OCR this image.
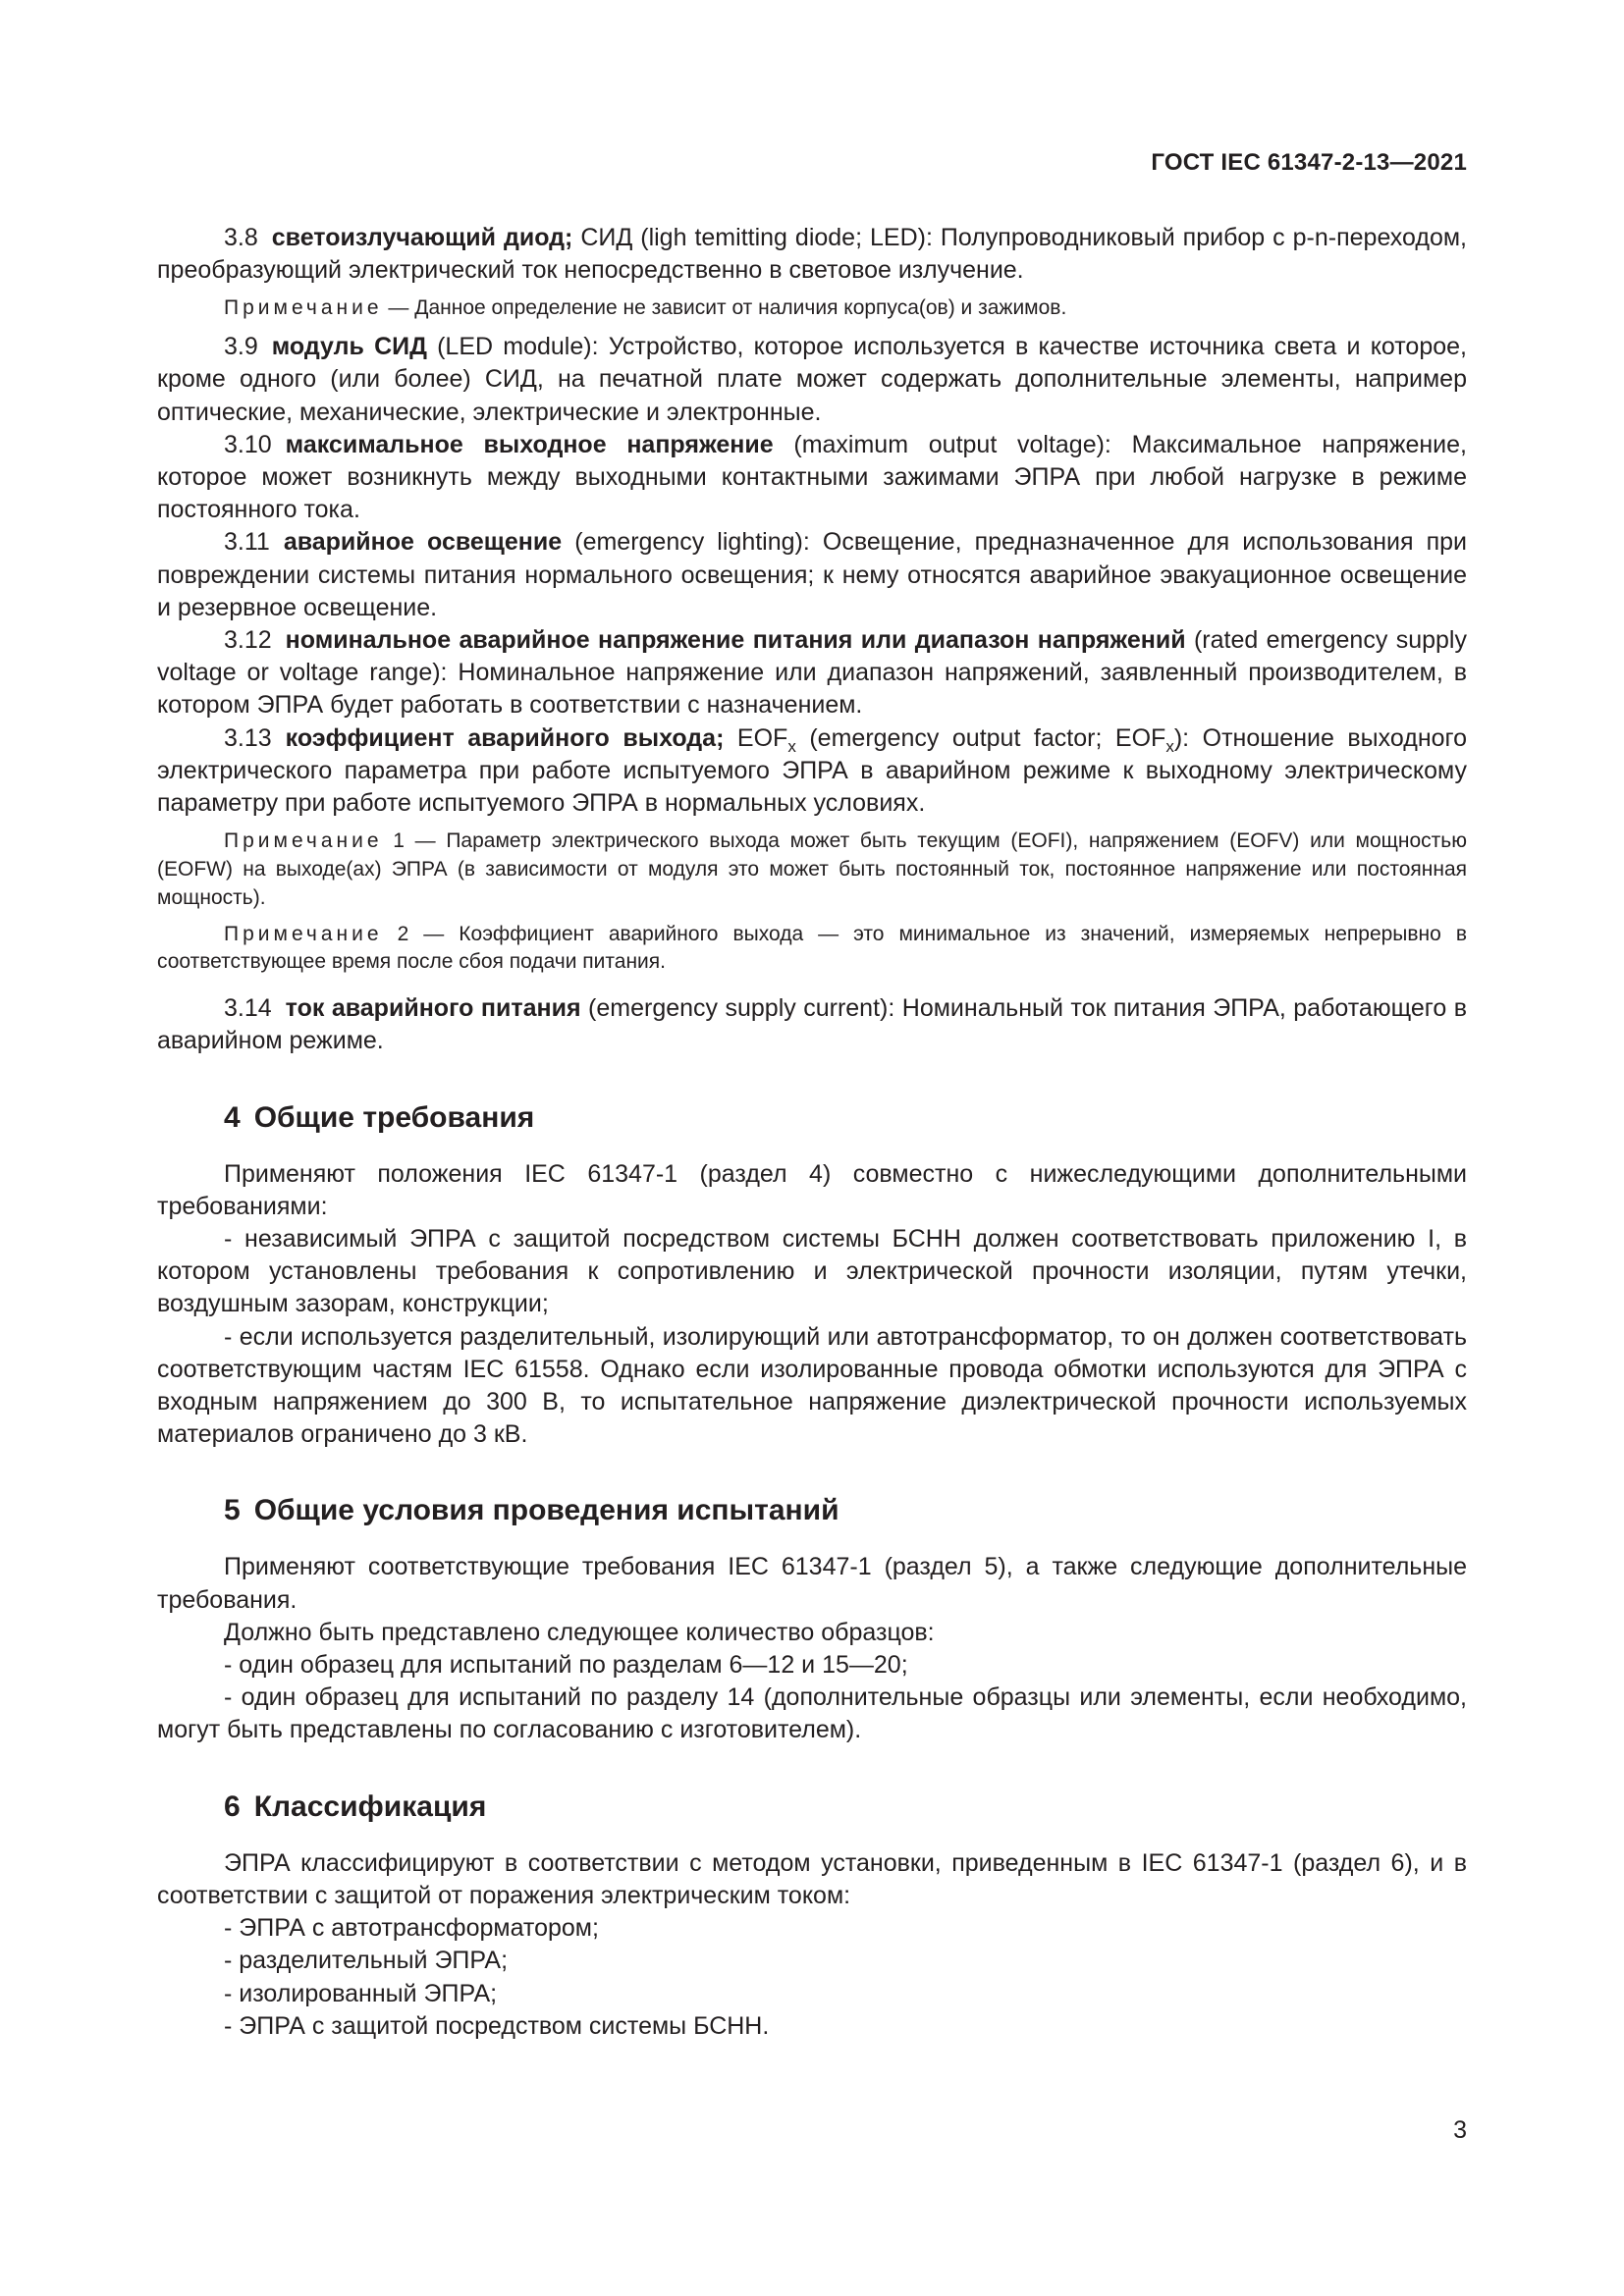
ГОСТ IEC 61347-2-13—2021

3.8 светоизлучающий диод; СИД (ligh temitting diode; LED): Полупроводниковый прибор с p-n-переходом, преобразующий электрический ток непосредственно в световое излучение.

Примечание — Данное определение не зависит от наличия корпуса(ов) и зажимов.

3.9 модуль СИД (LED module): Устройство, которое используется в качестве источника света и которое, кроме одного (или более) СИД, на печатной плате может содержать дополнительные элементы, например оптические, механические, электрические и электронные.

3.10 максимальное выходное напряжение (maximum output voltage): Максимальное напряжение, которое может возникнуть между выходными контактными зажимами ЭПРА при любой нагрузке в режиме постоянного тока.

3.11 аварийное освещение (emergency lighting): Освещение, предназначенное для использования при повреждении системы питания нормального освещения; к нему относятся аварийное эвакуационное освещение и резервное освещение.

3.12 номинальное аварийное напряжение питания или диапазон напряжений (rated emergency supply voltage or voltage range): Номинальное напряжение или диапазон напряжений, заявленный производителем, в котором ЭПРА будет работать в соответствии с назначением.

3.13 коэффициент аварийного выхода; $EOF_x$ (emergency output factor; $EOF_x$): Отношение выходного электрического параметра при работе испытуемого ЭПРА в аварийном режиме к выходному электрическому параметру при работе испытуемого ЭПРА в нормальных условиях.

Примечание 1 — Параметр электрического выхода может быть текущим (EOFI), напряжением (EOFV) или мощностью (EOFW) на выходе(ах) ЭПРА (в зависимости от модуля это может быть постоянный ток, постоянное напряжение или постоянная мощность).

Примечание 2 — Коэффициент аварийного выхода — это минимальное из значений, измеряемых непрерывно в соответствующее время после сбоя подачи питания.

3.14 ток аварийного питания (emergency supply current): Номинальный ток питания ЭПРА, работающего в аварийном режиме.

4 Общие требования

Применяют положения IEC 61347-1 (раздел 4) совместно с нижеследующими дополнительными требованиями:

- независимый ЭПРА с защитой посредством системы БСНН должен соответствовать приложению I, в котором установлены требования к сопротивлению и электрической прочности изоляции, путям утечки, воздушным зазорам, конструкции;

- если используется разделительный, изолирующий или автотрансформатор, то он должен соответствовать соответствующим частям IEC 61558. Однако если изолированные провода обмотки используются для ЭПРА с входным напряжением до 300 В, то испытательное напряжение диэлектрической прочности используемых материалов ограничено до 3 кВ.

5 Общие условия проведения испытаний

Применяют соответствующие требования IEC 61347-1 (раздел 5), а также следующие дополнительные требования.

Должно быть представлено следующее количество образцов:

- один образец для испытаний по разделам 6—12 и 15—20;

- один образец для испытаний по разделу 14 (дополнительные образцы или элементы, если необходимо, могут быть представлены по согласованию с изготовителем).

6 Классификация

ЭПРА классифицируют в соответствии с методом установки, приведенным в IEC 61347-1 (раздел 6), и в соответствии с защитой от поражения электрическим током:

- ЭПРА с автотрансформатором;

- разделительный ЭПРА;

- изолированный ЭПРА;

- ЭПРА с защитой посредством системы БСНН.

3
